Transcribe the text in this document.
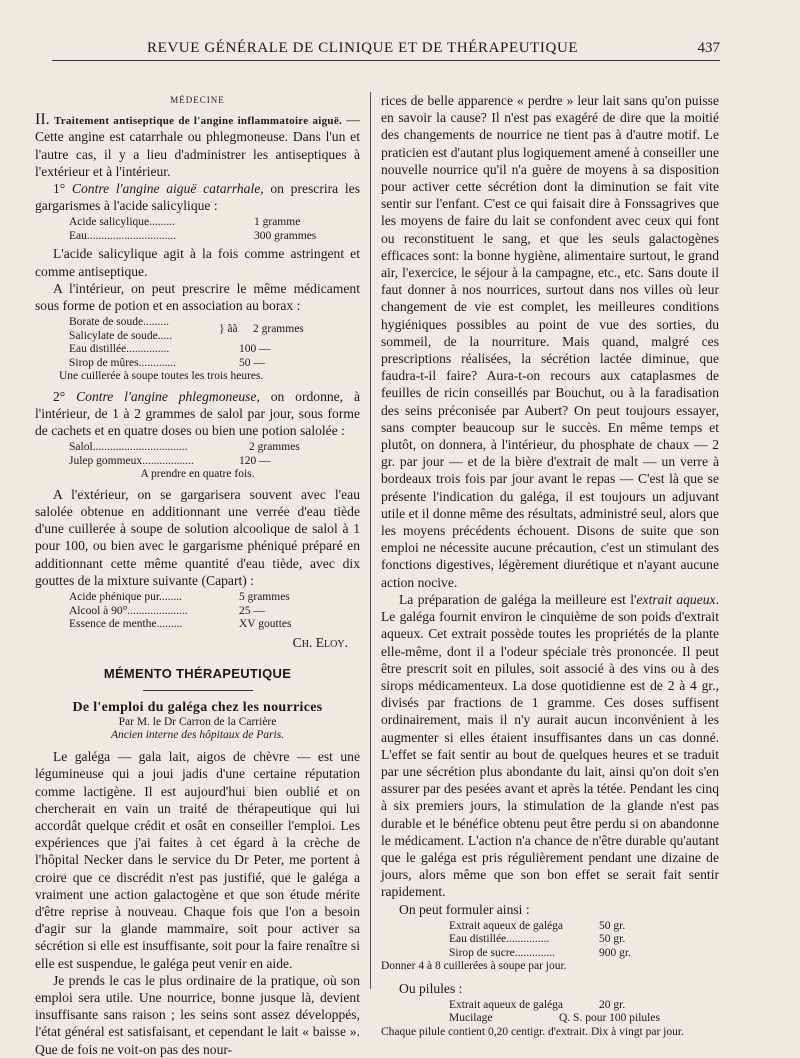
REVUE GÉNÉRALE DE CLINIQUE ET DE THÉRAPEUTIQUE	437
MÉDECINE

II. Traitement antiseptique de l'angine inflammatoire aiguë. — Cette angine est catarrhale ou phlegmoneuse. Dans l'un et l'autre cas, il y a lieu d'administrer les antiseptiques à l'extérieur et à l'intérieur.

1° Contre l'angine aiguë catarrhale, on prescrira les gargarismes à l'acide salicylique :

Acide salicylique.........	1 gramme
Eau...............................	300 grammes

L'acide salicylique agit à la fois comme astringent et comme antiseptique.

A l'intérieur, on peut prescrire le même médicament sous forme de potion et en association au borax :

Borate de soude.........
Salicylate de soude.....
} ãã	2 grammes
Eau distillée...............	100 —
Sirop de mûres.............	50 —
Une cuillerée à soupe toutes les trois heures.

2° Contre l'angine phlegmoneuse, on ordonne, à l'intérieur, de 1 à 2 grammes de salol par jour, sous forme de cachets et en quatre doses ou bien une potion salolée :

Salol.................................	2 grammes
Julep gommeux..................	120 —
A prendre en quatre fois.

A l'extérieur, on se gargarisera souvent avec l'eau salolée obtenue en additionnant une verrée d'eau tiède d'une cuillerée à soupe de solution alcoolique de salol à 1 pour 100, ou bien avec le gargarisme phéniqué préparé en additionnant cette même quantité d'eau tiède, avec dix gouttes de la mixture suivante (Capart) :

Acide phénique pur........	5 grammes
Alcool à 90°.....................	25 —
Essence de menthe.........	XV gouttes
Ch. Eloy.
MÉMENTO THÉRAPEUTIQUE
De l'emploi du galéga chez les nourrices
Par M. le Dr Carron de la Carrière
Ancien interne des hôpitaux de Paris.

Le galéga — gala lait, aigos de chèvre — est une légumineuse qui a joui jadis d'une certaine réputation comme lactigène. Il est aujourd'hui bien oublié et on chercherait en vain un traité de thérapeutique qui lui accordât quelque crédit et osât en conseiller l'emploi. Les expériences que j'ai faites à cet égard à la crèche de l'hôpital Necker dans le service du Dr Peter, me portent à croire que ce discrédit n'est pas justifié, que le galéga a vraiment une action galactogène et que son étude mérite d'être reprise à nouveau. Chaque fois que l'on a besoin d'agir sur la glande mammaire, soit pour activer sa sécrétion si elle est insuffisante, soit pour la faire renaître si elle est suspendue, le galéga peut venir en aide.

Je prends le cas le plus ordinaire de la pratique, où son emploi sera utile. Une nourrice, bonne jusque là, devient insuffisante sans raison ; les seins sont assez développés, l'état général est satisfaisant, et cependant le lait « baisse ». Que de fois ne voit-on pas des nour-

rices de belle apparence « perdre » leur lait sans qu'on puisse en savoir la cause? Il n'est pas exagéré de dire que la moitié des changements de nourrice ne tient pas à d'autre motif. Le praticien est d'autant plus logiquement amené à conseiller une nouvelle nourrice qu'il n'a guère de moyens à sa disposition pour activer cette sécrétion dont la diminution se fait vite sentir sur l'enfant. C'est ce qui faisait dire à Fonssagrives que les moyens de faire du lait se confondent avec ceux qui font ou reconstituent le sang, et que les seuls galactogènes efficaces sont: la bonne hygiène, alimentaire surtout, le grand air, l'exercice, le séjour à la campagne, etc., etc. Sans doute il faut donner à nos nourrices, surtout dans nos villes où leur changement de vie est complet, les meilleures conditions hygiéniques possibles au point de vue des sorties, du sommeil, de la nourriture. Mais quand, malgré ces prescriptions réalisées, la sécrétion lactée diminue, que faudra-t-il faire? Aura-t-on recours aux cataplasmes de feuilles de ricin conseillés par Bouchut, ou à la faradisation des seins préconisée par Aubert? On peut toujours essayer, sans compter beaucoup sur le succès. En même temps et plutôt, on donnera, à l'intérieur, du phosphate de chaux — 2 gr. par jour — et de la bière d'extrait de malt — un verre à bordeaux trois fois par jour avant le repas — C'est là que se présente l'indication du galéga, il est toujours un adjuvant utile et il donne même des résultats, administré seul, alors que les moyens précédents échouent. Disons de suite que son emploi ne nécessite aucune précaution, c'est un stimulant des fonctions digestives, légèrement diurétique et n'ayant aucune action nocive.

La préparation de galéga la meilleure est l'extrait aqueux. Le galéga fournit environ le cinquième de son poids d'extrait aqueux. Cet extrait possède toutes les propriétés de la plante elle-même, dont il a l'odeur spéciale très prononcée. Il peut être prescrit soit en pilules, soit associé à des vins ou à des sirops médicamenteux. La dose quotidienne est de 2 à 4 gr., divisés par fractions de 1 gramme. Ces doses suffisent ordinairement, mais il n'y aurait aucun inconvénient à les augmenter si elles étaient insuffisantes dans un cas donné. L'effet se fait sentir au bout de quelques heures et se traduit par une sécrétion plus abondante du lait, ainsi qu'on doit s'en assurer par des pesées avant et après la tétée. Pendant les cinq à six premiers jours, la stimulation de la glande n'est pas durable et le bénéfice obtenu peut être perdu si on abandonne le médicament. L'action n'a chance de n'être durable qu'autant que le galéga est pris régulièrement pendant une dizaine de jours, alors même que son bon effet se serait fait sentir rapidement.

On peut formuler ainsi :

Extrait aqueux de galéga	50 gr.
Eau distillée...............	50 gr.
Sirop de sucre..............	900 gr.
Donner 4 à 8 cuillerées à soupe par jour.

Ou pilules :

Extrait aqueux de galéga	20 gr.
Mucilage	Q. S. pour 100 pilules
Chaque pilule contient 0,20 centigr. d'extrait. Dix à vingt par jour.
